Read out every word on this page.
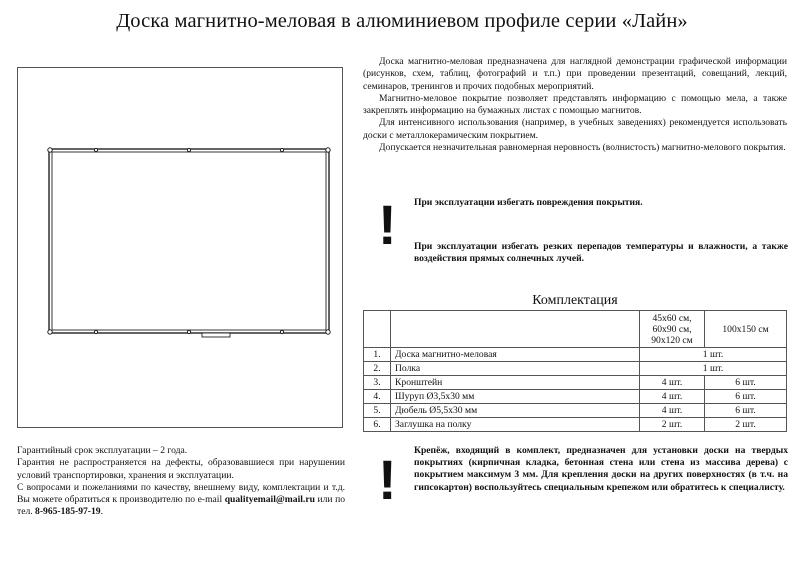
Доска магнитно-меловая в алюминиевом профиле серии «Лайн»

Доска магнитно-меловая предназначена для наглядной демонстрации графической информации (рисунков, схем, таблиц, фотографий и т.п.) при проведении презентаций, совещаний, лекций, семинаров, тренингов и прочих подобных мероприятий.

Магнитно-меловое покрытие позволяет представлять информацию с помощью мела, а также закреплять информацию на бумажных листах с помощью магнитов.

Для интенсивного использования (например, в учебных заведениях) рекомендуется использовать доски с металлокерамическим покрытием.

Допускается незначительная равномерная неровность (волнистость) магнитно-мелового покрытия.

! При эксплуатации избегать повреждения покрытия.
При эксплуатации избегать резких перепадов температуры и влажности, а также воздействия прямых солнечных лучей.
Комплектация

		45х60 см,
60х90 см,
90х120 см	100х150 см
1.	Доска магнитно-меловая	1 шт.	
2.	Полка	1 шт.	
3.	Кронштейн	4 шт.	6 шт.
4.	Шуруп Ø3,5х30 мм	4 шт.	6 шт.
5.	Дюбель Ø5,5х30 мм	4 шт.	6 шт.
6.	Заглушка на полку	2 шт.	2 шт.
! Крепёж, входящий в комплект, предназначен для установки доски на твердых покрытиях (кирпичная кладка, бетонная стена или стена из массива дерева) с покрытием максимум 3 мм. Для крепления доски на других поверхностях (в т.ч. на гипсокартон) воспользуйтесь специальным крепежом или обратитесь к специалисту.

Гарантийный срок эксплуатации – 2 года.

Гарантия не распространяется на дефекты, образовавшиеся при нарушении условий транспортировки, хранения и эксплуатации.

С вопросами и пожеланиями по качеству, внешнему виду, комплектации и т.д. Вы можете обратиться к производителю по e-mail qualityemail@mail.ru или по тел. 8-965-185-97-19.
